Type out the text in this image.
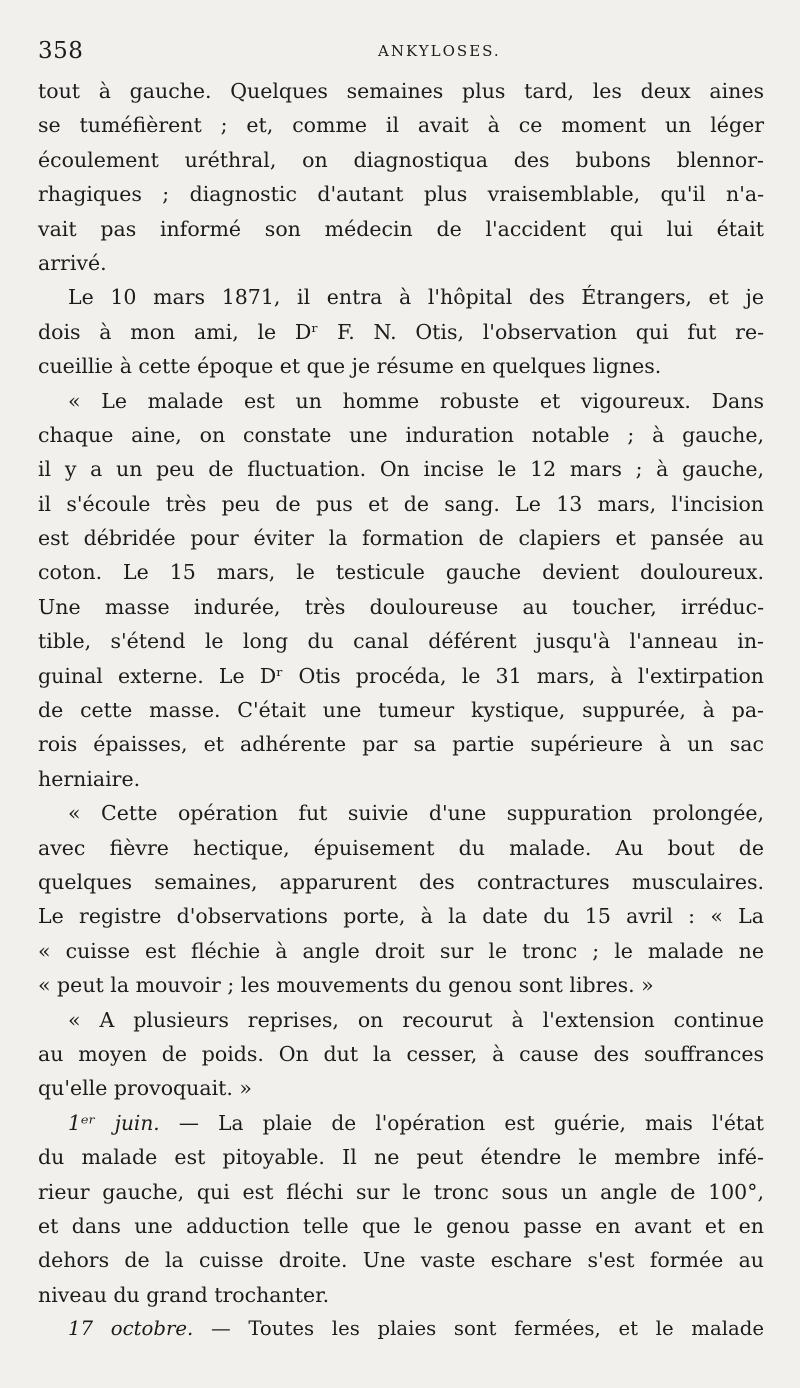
358	ANKYLOSES.
tout à gauche. Quelques semaines plus tard, les deux aines
se tuméfièrent ; et, comme il avait à ce moment un léger
écoulement uréthral, on diagnostiqua des bubons blennor-
rhagiques ; diagnostic d'autant plus vraisemblable, qu'il n'a-
vait pas informé son médecin de l'accident qui lui était
arrivé.
Le 10 mars 1871, il entra à l'hôpital des Étrangers, et je
dois à mon ami, le Dʳ F. N. Otis, l'observation qui fut re-
cueillie à cette époque et que je résume en quelques lignes.
« Le malade est un homme robuste et vigoureux. Dans
chaque aine, on constate une induration notable ; à gauche,
il y a un peu de fluctuation. On incise le 12 mars ; à gauche,
il s'écoule très peu de pus et de sang. Le 13 mars, l'incision
est débridée pour éviter la formation de clapiers et pansée au
coton. Le 15 mars, le testicule gauche devient douloureux.
Une masse indurée, très douloureuse au toucher, irréduc-
tible, s'étend le long du canal déférent jusqu'à l'anneau in-
guinal externe. Le Dʳ Otis procéda, le 31 mars, à l'extirpation
de cette masse. C'était une tumeur kystique, suppurée, à pa-
rois épaisses, et adhérente par sa partie supérieure à un sac
herniaire.
« Cette opération fut suivie d'une suppuration prolongée,
avec fièvre hectique, épuisement du malade. Au bout de
quelques semaines, apparurent des contractures musculaires.
Le registre d'observations porte, à la date du 15 avril : « La
« cuisse est fléchie à angle droit sur le tronc ; le malade ne
« peut la mouvoir ; les mouvements du genou sont libres. »
« A plusieurs reprises, on recourut à l'extension continue
au moyen de poids. On dut la cesser, à cause des souffrances
qu'elle provoquait. »
1ᵉʳ juin. — La plaie de l'opération est guérie, mais l'état
du malade est pitoyable. Il ne peut étendre le membre infé-
rieur gauche, qui est fléchi sur le tronc sous un angle de 100°,
et dans une adduction telle que le genou passe en avant et en
dehors de la cuisse droite. Une vaste eschare s'est formée au
niveau du grand trochanter.
17 octobre. — Toutes les plaies sont fermées, et le malade
